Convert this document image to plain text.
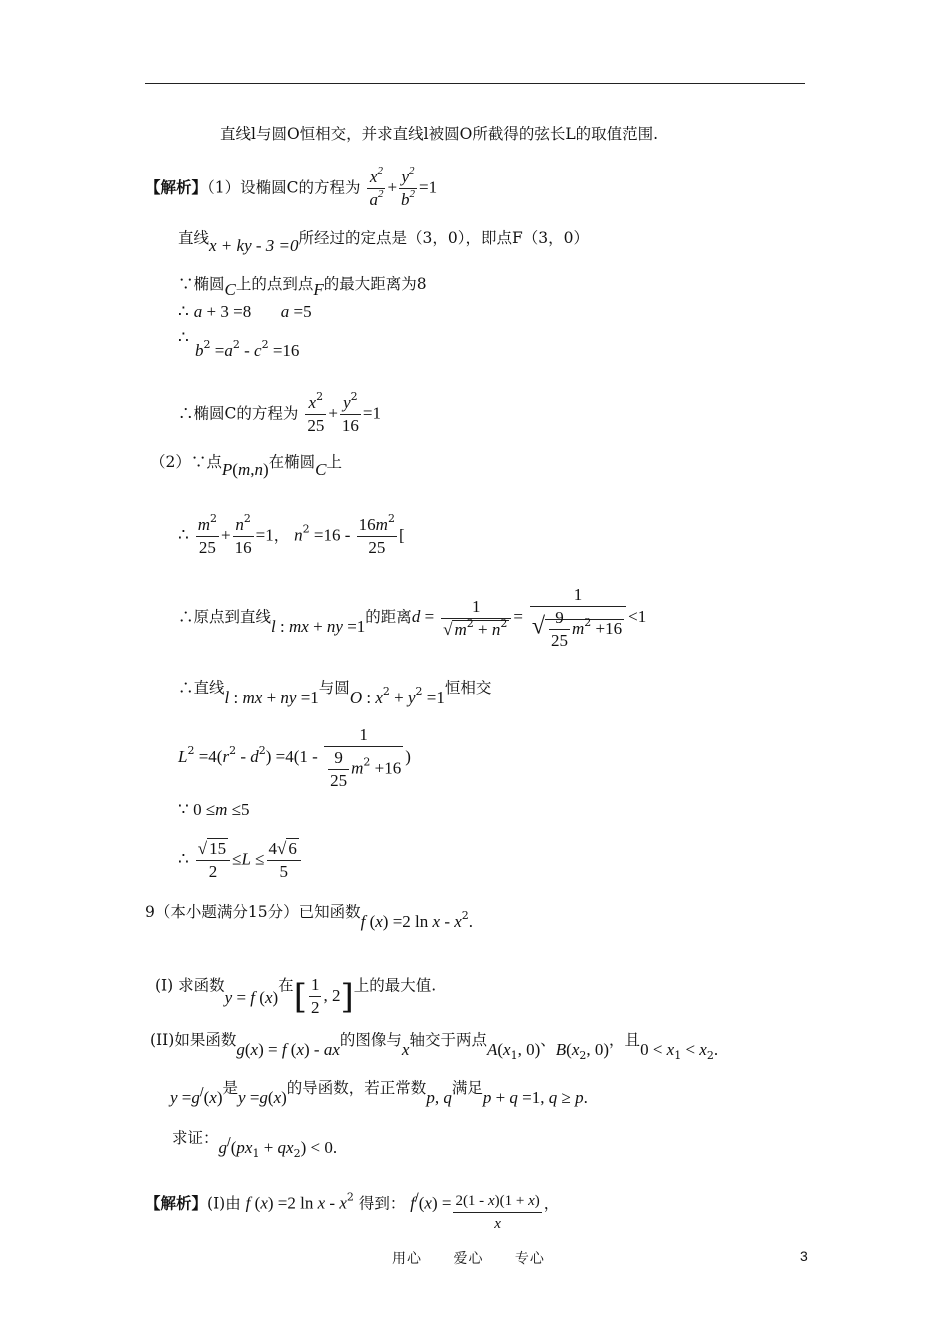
直线l与圆O恒相交，并求直线l被圆O所截得的弦长L的取值范围.
【解析】（1）设椭圆C的方程为 $\frac{x^2}{a^2} + \frac{y^2}{b^2} =1$
直线x + ky - 3 =0所经过的定点是（3，0），即点F（3，0）
∵椭圆C上的点到点F的最大距离为8
∴ a + 3 =8 a =5
∴
$b^2 =a^2 - c^2 =16$
∴椭圆C的方程为 $\frac{x^2}{25} + \frac{y^2}{16} =1$
（2）∵点P(m,n)在椭圆C上
∴ $\frac{m^2}{25} + \frac{n^2}{16} =1$， $n^2 =16 - \frac{16m^2}{25}$ [
∴原点到直线l : mx + ny =1的距离$d = \frac{1}{√ m^2 + n^2} = \frac{1}{√ \frac{9}{25} m^2 +16} <1$
∴直线l : mx + ny =1与圆O : $x^2 + y^2 =1$恒相交
$L^2 =4(r^2 - d^2) =4(1 - \frac{1}{\frac{9}{25} m^2 +16}$ )
∵ 0 ≤m ≤5
∴ $\frac{√ 15}{2} \le L \le \frac{4√ 6}{5}$
9（本小题满分15分）已知函数f (x) =2 ln x - $x^2$.
(I) 求函数y = f (x)在[ $\frac{1}{2}$ , 2]上的最大值.
(II)如果函数g(x) = f (x) - ax的图像与x轴交于两点$A(x_1$, 0)、$B(x_2$, 0)，且$0 < x_1 < x_2$.
y =g/(x)是y =g(x)的导函数，若正常数p, q满足p + q =1, q ≥ p.
求证：$g^/(px_1 + qx_2) < 0$.
【解析】(Ⅰ)由 f (x) =2 ln x - $x^2$ 得到： $f^/(x) = \frac{2(1 - x)(1 + x)}{x}$ ，
用心 爱心 专心	3
